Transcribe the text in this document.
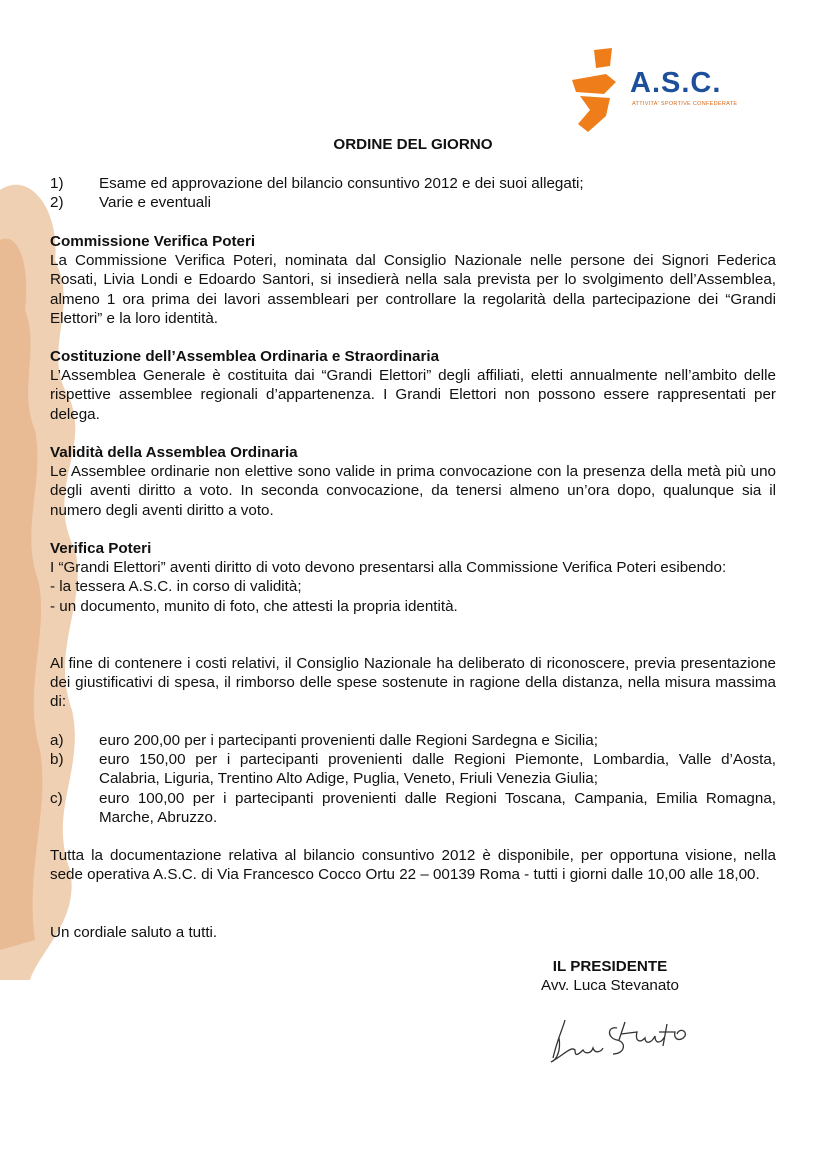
A.S.C.
ATTIVITA' SPORTIVE CONFEDERATE
ORDINE DEL GIORNO
1)	Esame ed approvazione del bilancio consuntivo 2012 e dei suoi allegati;
2)	Varie e eventuali
Commissione Verifica Poteri

La Commissione Verifica Poteri, nominata dal Consiglio Nazionale nelle persone dei Signori Federica Rosati, Livia Londi e Edoardo Santori, si insedierà nella sala prevista per lo svolgimento dell’Assemblea, almeno 1 ora prima dei lavori assembleari per controllare la regolarità della partecipazione dei “Grandi Elettori” e la loro identità.

Costituzione dell’Assemblea Ordinaria e Straordinaria

L’Assemblea Generale è costituita dai “Grandi Elettori” degli affiliati, eletti annualmente nell’ambito delle rispettive assemblee regionali d’appartenenza. I Grandi Elettori non possono essere rappresentati per delega.

Validità della Assemblea Ordinaria

Le Assemblee ordinarie non elettive sono valide in prima convocazione con la presenza della metà più uno degli aventi diritto a voto. In seconda convocazione, da tenersi almeno un’ora dopo, qualunque sia il numero degli aventi diritto a voto.

Verifica Poteri

I “Grandi Elettori” aventi diritto di voto devono presentarsi alla Commissione Verifica Poteri esibendo:

- la tessera A.S.C. in corso di validità;

- un documento, munito di foto, che attesti la propria identità.

Al fine di contenere i costi relativi, il Consiglio Nazionale ha deliberato di riconoscere, previa presentazione dei giustificativi di spesa, il rimborso delle spese sostenute in ragione della distanza, nella misura massima di:

a)	euro 200,00 per i partecipanti provenienti dalle Regioni Sardegna e Sicilia;
b)	euro 150,00 per i partecipanti provenienti dalle Regioni Piemonte, Lombardia, Valle d’Aosta, Calabria, Liguria, Trentino Alto Adige, Puglia, Veneto, Friuli Venezia Giulia;
c)	euro 100,00 per i partecipanti provenienti dalle Regioni Toscana, Campania, Emilia Romagna, Marche, Abruzzo.

Tutta la documentazione relativa al bilancio consuntivo 2012 è disponibile, per opportuna visione, nella sede operativa A.S.C. di Via Francesco Cocco Ortu 22 – 00139 Roma - tutti i giorni dalle 10,00 alle 18,00.

Un cordiale saluto a tutti.

IL PRESIDENTE
Avv. Luca Stevanato
